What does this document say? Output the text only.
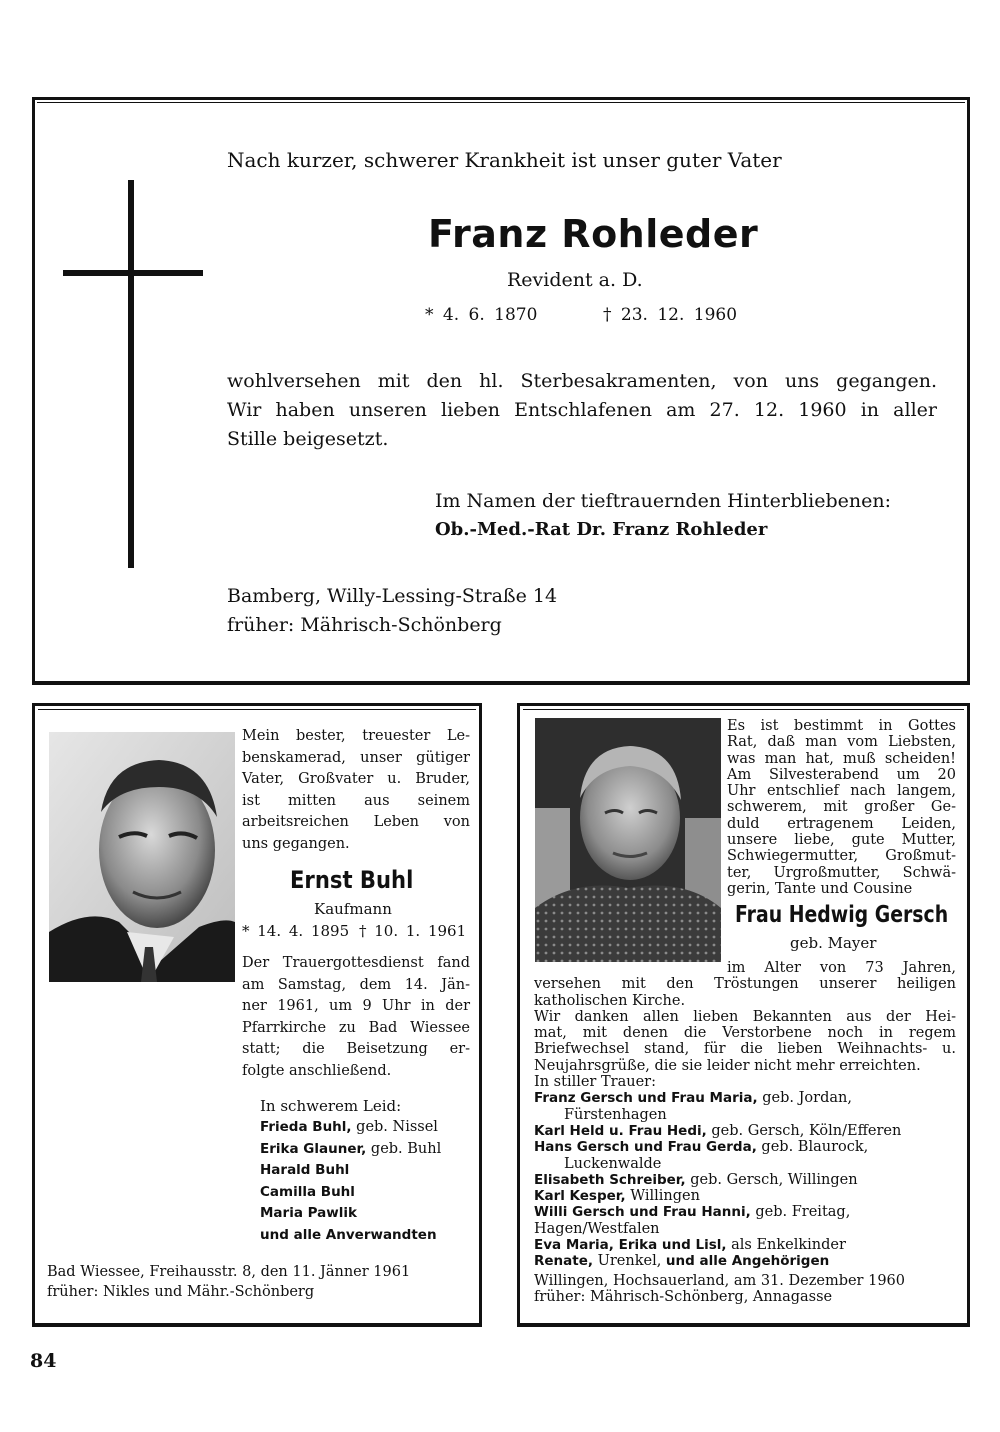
Nach kurzer, schwerer Krankheit ist unser guter Vater
Franz Rohleder
Revident a. D.
* 4. 6. 1870	† 23. 12. 1960
wohlversehen mit den hl. Sterbesakramenten, von uns gegangen.
Wir haben unseren lieben Entschlafenen am 27. 12. 1960 in aller
Stille beigesetzt.
Im Namen der tieftrauernden Hinterbliebenen:
Ob.-Med.-Rat Dr. Franz Rohleder
Bamberg, Willy-Lessing-Straße 14
früher: Mährisch-Schönberg
Mein bester, treuester Le-
benskamerad, unser gütiger
Vater, Großvater u. Bruder,
ist mitten aus seinem
arbeitsreichen Leben von
uns gegangen.
Ernst Buhl
Kaufmann
* 14. 4. 1895 † 10. 1. 1961
Der Trauergottesdienst fand
am Samstag, dem 14. Jän-
ner 1961, um 9 Uhr in der
Pfarrkirche zu Bad Wiessee
statt; die Beisetzung er-
folgte anschließend.
In schwerem Leid:
Frieda Buhl, geb. Nissel
Erika Glauner, geb. Buhl
Harald Buhl
Camilla Buhl
Maria Pawlik
und alle Anverwandten
Bad Wiessee, Freihausstr. 8, den 11. Jänner 1961
früher: Nikles und Mähr.-Schönberg
Es ist bestimmt in Gottes
Rat, daß man vom Liebsten,
was man hat, muß scheiden!
Am Silvesterabend um 20
Uhr entschlief nach langem,
schwerem, mit großer Ge-
duld ertragenem Leiden,
unsere liebe, gute Mutter,
Schwiegermutter, Großmut-
ter, Urgroßmutter, Schwä-
gerin, Tante und Cousine
Frau Hedwig Gersch
geb. Mayer
im Alter von 73 Jahren,
versehen mit den Tröstungen unserer heiligen
katholischen Kirche.
Wir danken allen lieben Bekannten aus der Hei-
mat, mit denen die Verstorbene noch in regem
Briefwechsel stand, für die lieben Weihnachts- u.
Neujahrsgrüße, die sie leider nicht mehr erreichten.
In stiller Trauer:
Franz Gersch und Frau Maria, geb. Jordan,
Fürstenhagen
Karl Held u. Frau Hedi, geb. Gersch, Köln/Efferen
Hans Gersch und Frau Gerda, geb. Blaurock,
Luckenwalde
Elisabeth Schreiber, geb. Gersch, Willingen
Karl Kesper, Willingen
Willi Gersch und Frau Hanni, geb. Freitag,
Hagen/Westfalen
Eva Maria, Erika und Lisl, als Enkelkinder
Renate, Urenkel, und alle Angehörigen
Willingen, Hochsauerland, am 31. Dezember 1960
früher: Mährisch-Schönberg, Annagasse
84
